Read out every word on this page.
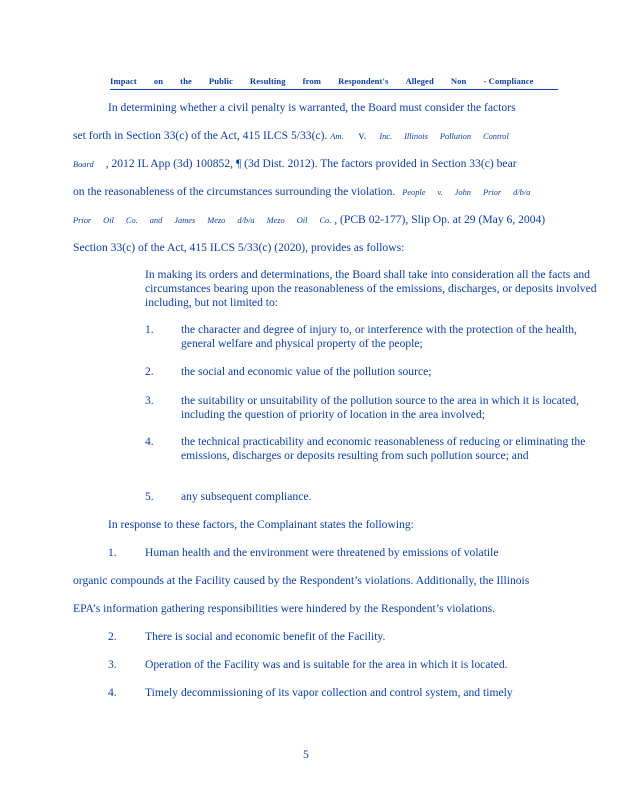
Impact on the Public Resulting from Respondent's Alleged Non - Compliance
In determining whether a civil penalty is warranted, the Board must consider the factors
set forth in Section 33(c) of the Act, 415 ILCS 5/33(c). Am. v. Inc. Illinois Pollution Control
Board , 2012 IL App (3d) 100852, ¶ (3d Dist. 2012). The factors provided in Section 33(c) bear
on the reasonableness of the circumstances surrounding the violation. People v. John Prior d/b/a
Prior Oil Co. and James Mezo d/b/a Mezo Oil Co. , (PCB 02-177), Slip Op. at 29 (May 6, 2004)
Section 33(c) of the Act, 415 ILCS 5/33(c) (2020), provides as follows:
In making its orders and determinations, the Board shall take into consideration all the facts and circumstances bearing upon the reasonableness of the emissions, discharges, or deposits involved including, but not limited to:
1. the character and degree of injury to, or interference with the protection of the health, general welfare and physical property of the people;
2. the social and economic value of the pollution source;
3. the suitability or unsuitability of the pollution source to the area in which it is located, including the question of priority of location in the area involved;
4. the technical practicability and economic reasonableness of reducing or eliminating the emissions, discharges or deposits resulting from such pollution source; and
5. any subsequent compliance.
In response to these factors, the Complainant states the following:
1. Human health and the environment were threatened by emissions of volatile
organic compounds at the Facility caused by the Respondent’s violations. Additionally, the Illinois
EPA’s information gathering responsibilities were hindered by the Respondent’s violations.
2. There is social and economic benefit of the Facility.
3. Operation of the Facility was and is suitable for the area in which it is located.
4. Timely decommissioning of its vapor collection and control system, and timely
5
